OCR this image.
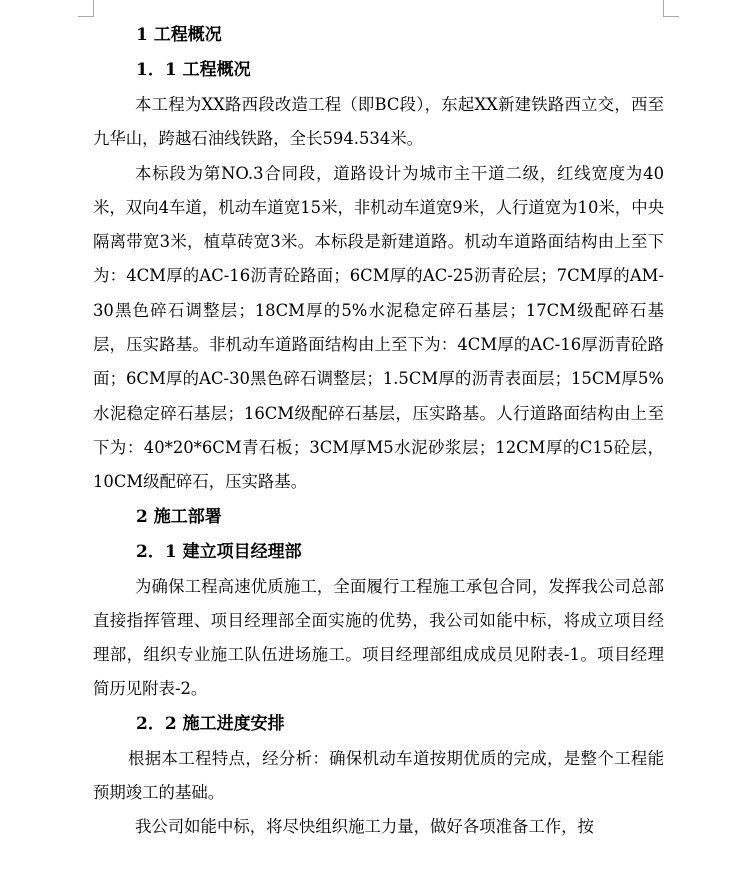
1 工程概况

1．1 工程概况

本工程为XX路西段改造工程（即BC段），东起XX新建铁路西立交，西至九华山，跨越石油线铁路，全长594.534米。

本标段为第NO.3合同段，道路设计为城市主干道二级，红线宽度为40米，双向4车道，机动车道宽15米，非机动车道宽9米，人行道宽为10米，中央隔离带宽3米，植草砖宽3米。本标段是新建道路。机动车道路面结构由上至下为：4CM厚的AC-16沥青砼路面；6CM厚的AC-25沥青砼层；7CM厚的AM-30黑色碎石调整层；18CM厚的5%水泥稳定碎石基层；17CM级配碎石基层，压实路基。非机动车道路面结构由上至下为：4CM厚的AC-16厚沥青砼路面；6CM厚的AC-30黑色碎石调整层；1.5CM厚的沥青表面层；15CM厚5%水泥稳定碎石基层；16CM级配碎石基层，压实路基。人行道路面结构由上至下为：40*20*6CM青石板；3CM厚M5水泥砂浆层；12CM厚的C15砼层，10CM级配碎石，压实路基。

2 施工部署

2．1 建立项目经理部

为确保工程高速优质施工，全面履行工程施工承包合同，发挥我公司总部直接指挥管理、项目经理部全面实施的优势，我公司如能中标，将成立项目经理部，组织专业施工队伍进场施工。项目经理部组成成员见附表-1。项目经理简历见附表-2。

2．2 施工进度安排

根据本工程特点，经分析：确保机动车道按期优质的完成，是整个工程能预期竣工的基础。

我公司如能中标，将尽快组织施工力量，做好各项准备工作，按
